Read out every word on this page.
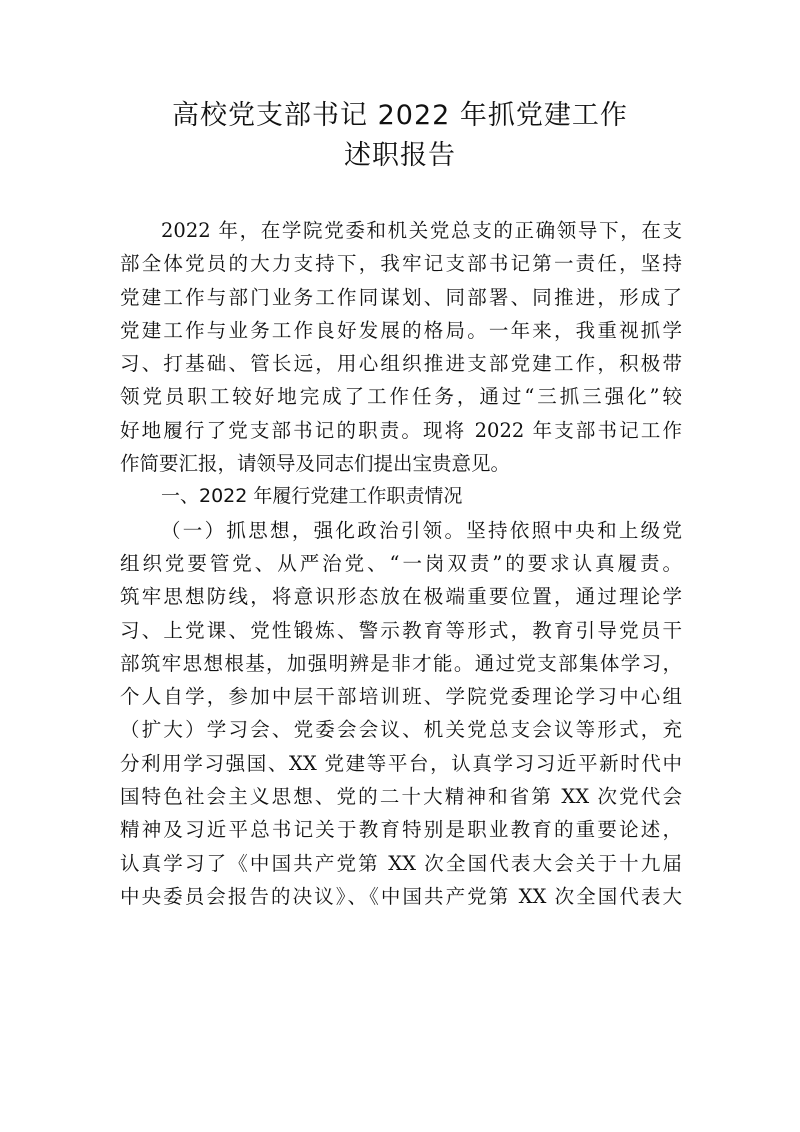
高校党支部书记 2022 年抓党建工作
述职报告
2022 年，在学院党委和机关党总支的正确领导下，在支
部全体党员的大力支持下，我牢记支部书记第一责任，坚持
党建工作与部门业务工作同谋划、同部署、同推进，形成了
党建工作与业务工作良好发展的格局。一年来，我重视抓学
习、打基础、管长远，用心组织推进支部党建工作，积极带
领党员职工较好地完成了工作任务，通过“三抓三强化”较
好地履行了党支部书记的职责。现将 2022 年支部书记工作
作简要汇报，请领导及同志们提出宝贵意见。
一、2022 年履行党建工作职责情况
（一）抓思想，强化政治引领。坚持依照中央和上级党
组织党要管党、从严治党、“一岗双责”的要求认真履责。
筑牢思想防线，将意识形态放在极端重要位置，通过理论学
习、上党课、党性锻炼、警示教育等形式，教育引导党员干
部筑牢思想根基，加强明辨是非才能。通过党支部集体学习，
个人自学，参加中层干部培训班、学院党委理论学习中心组
（扩大）学习会、党委会会议、机关党总支会议等形式，充
分利用学习强国、XX 党建等平台，认真学习习近平新时代中
国特色社会主义思想、党的二十大精神和省第 XX 次党代会
精神及习近平总书记关于教育特别是职业教育的重要论述，
认真学习了《中国共产党第 XX 次全国代表大会关于十九届
中央委员会报告的决议》、《中国共产党第 XX 次全国代表大
